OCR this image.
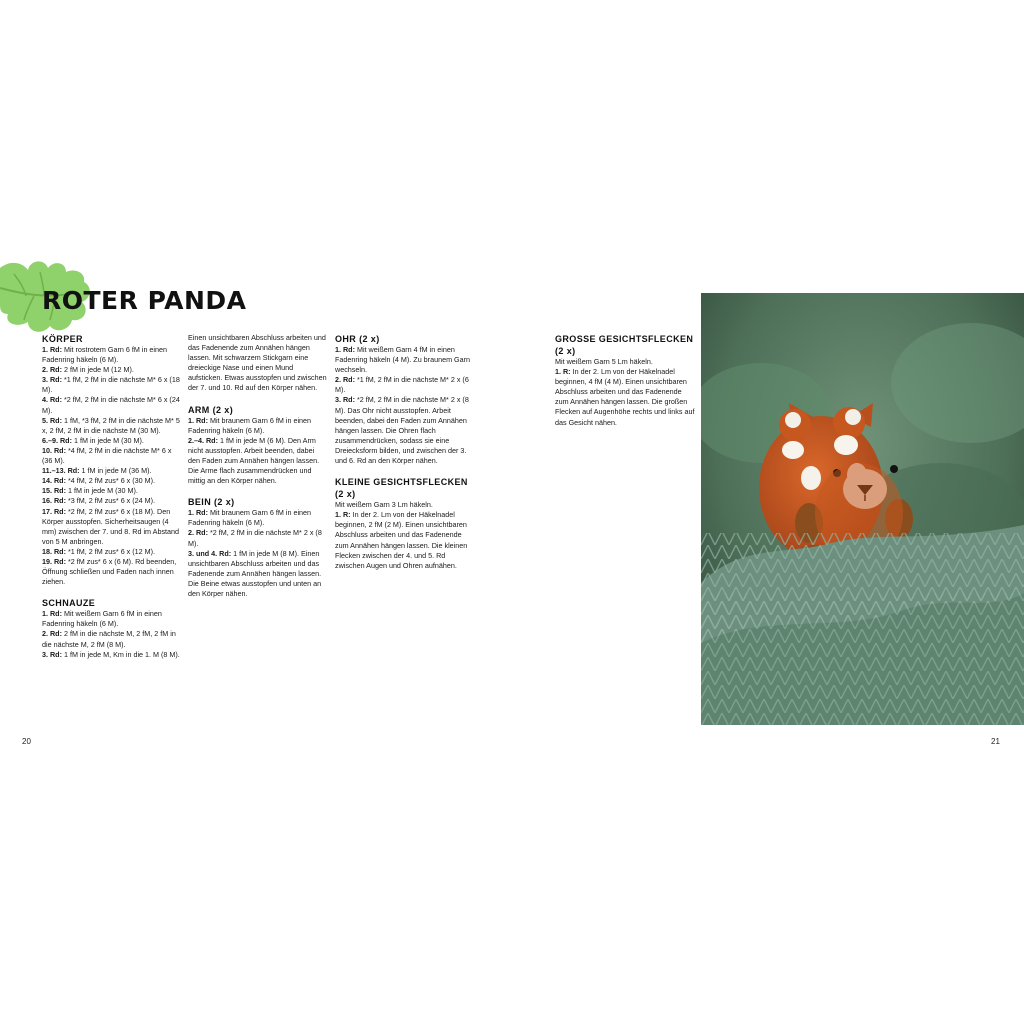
ROTER PANDA
KÖRPER

1. Rd: Mit rostrotem Garn 6 fM in einen Fadenring häkeln (6 M).

2. Rd: 2 fM in jede M (12 M).

3. Rd: *1 fM, 2 fM in die nächste M* 6 x (18 M).

4. Rd: *2 fM, 2 fM in die nächste M* 6 x (24 M).

5. Rd: 1 fM, *3 fM, 2 fM in die nächste M* 5 x, 2 fM, 2 fM in die nächste M (30 M).

6.–9. Rd: 1 fM in jede M (30 M).

10. Rd: *4 fM, 2 fM in die nächste M* 6 x (36 M).

11.–13. Rd: 1 fM in jede M (36 M).

14. Rd: *4 fM, 2 fM zus* 6 x (30 M).

15. Rd: 1 fM in jede M (30 M).

16. Rd: *3 fM, 2 fM zus* 6 x (24 M).

17. Rd: *2 fM, 2 fM zus* 6 x (18 M). Den Körper ausstopfen. Sicherheitsaugen (4 mm) zwischen der 7. und 8. Rd im Abstand von 5 M anbringen.

18. Rd: *1 fM, 2 fM zus* 6 x (12 M).

19. Rd: *2 fM zus* 6 x (6 M). Rd beenden, Öffnung schließen und Faden nach innen ziehen.

SCHNAUZE

1. Rd: Mit weißem Garn 6 fM in einen Fadenring häkeln (6 M).

2. Rd: 2 fM in die nächste M, 2 fM, 2 fM in die nächste M, 2 fM (8 M).

3. Rd: 1 fM in jede M, Km in die 1. M (8 M).

Einen unsichtbaren Abschluss arbeiten und das Fadenende zum Annähen hängen lassen. Mit schwarzem Stickgarn eine dreieckige Nase und einen Mund aufsticken. Etwas ausstopfen und zwischen der 7. und 10. Rd auf den Körper nähen.

ARM (2 x)

1. Rd: Mit braunem Garn 6 fM in einen Fadenring häkeln (6 M).

2.–4. Rd: 1 fM in jede M (6 M). Den Arm nicht ausstopfen. Arbeit beenden, dabei den Faden zum Annähen hängen lassen. Die Arme flach zusammendrücken und mittig an den Körper nähen.

BEIN (2 x)

1. Rd: Mit braunem Garn 6 fM in einen Fadenring häkeln (6 M).

2. Rd: *2 fM, 2 fM in die nächste M* 2 x (8 M).

3. und 4. Rd: 1 fM in jede M (8 M). Einen unsichtbaren Abschluss arbeiten und das Fadenende zum Annähen hängen lassen. Die Beine etwas ausstopfen und unten an den Körper nähen.

OHR (2 x)

1. Rd: Mit weißem Garn 4 fM in einen Fadenring häkeln (4 M). Zu braunem Garn wechseln.

2. Rd: *1 fM, 2 fM in die nächste M* 2 x (6 M).

3. Rd: *2 fM, 2 fM in die nächste M* 2 x (8 M). Das Ohr nicht ausstopfen. Arbeit beenden, dabei den Faden zum Annähen hängen lassen. Die Ohren flach zusammendrücken, sodass sie eine Dreiecksform bilden, und zwischen der 3. und 6. Rd an den Körper nähen.

KLEINE GESICHTSFLECKEN (2 x)

Mit weißem Garn 3 Lm häkeln.

1. R: In der 2. Lm von der Häkelnadel beginnen, 2 fM (2 M). Einen unsichtbaren Abschluss arbeiten und das Fadenende zum Annähen hängen lassen. Die kleinen Flecken zwischen der 4. und 5. Rd zwischen Augen und Ohren aufnähen.

GROSSE GESICHTSFLECKEN (2 x)

Mit weißem Garn 5 Lm häkeln.

1. R: In der 2. Lm von der Häkelnadel beginnen, 4 fM (4 M). Einen unsichtbaren Abschluss arbeiten und das Fadenende zum Annähen hängen lassen. Die großen Flecken auf Augenhöhe rechts und links auf das Gesicht nähen.

20	21
